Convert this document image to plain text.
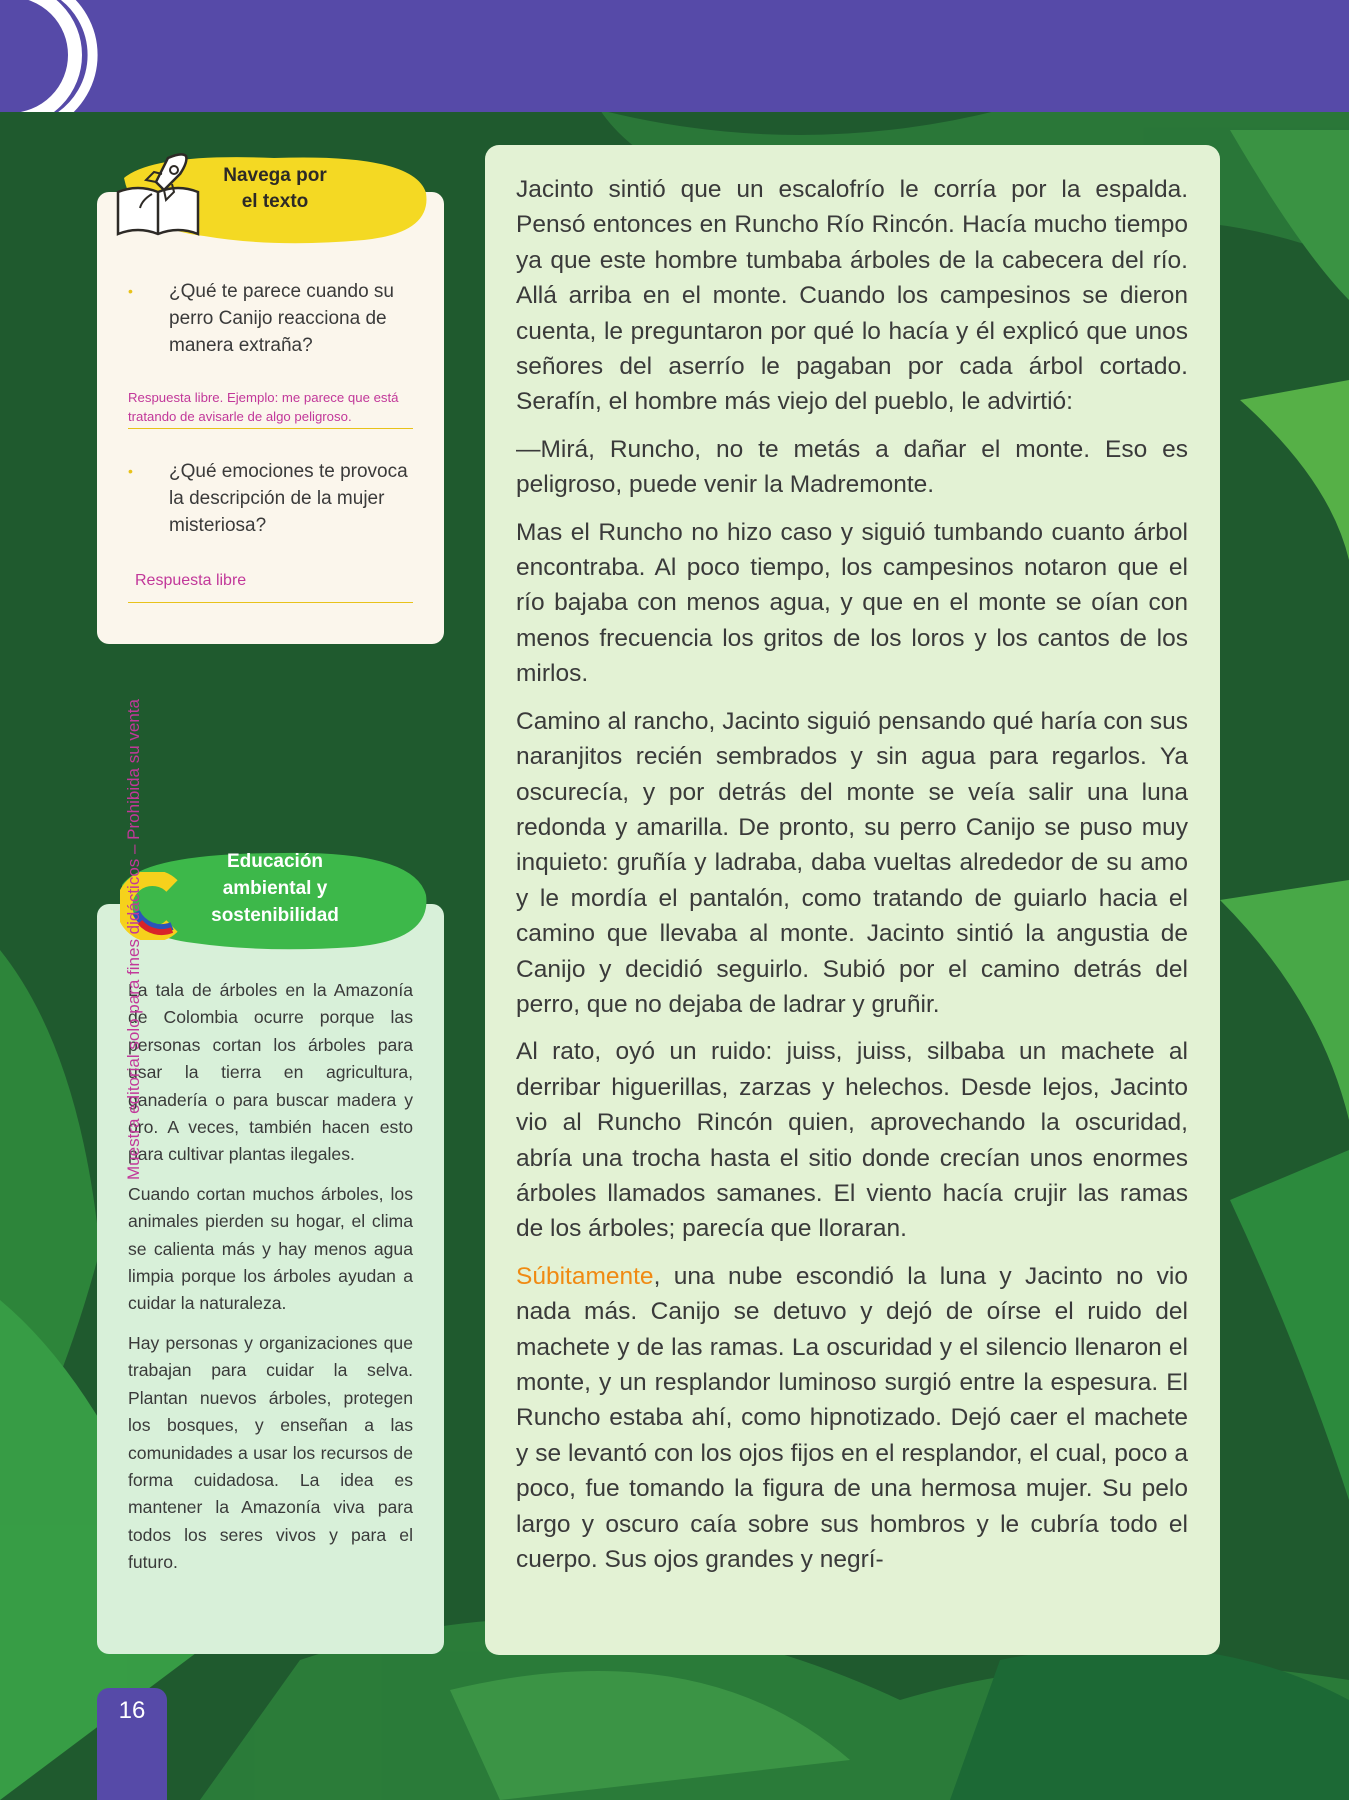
Navega por
el texto
•	¿Qué te parece cuando su perro Canijo reacciona de manera extraña?
Respuesta libre. Ejemplo: me parece que está tratando de avisarle de algo peligroso.
•	¿Qué emociones te provoca la descripción de la mujer misteriosa?
Respuesta libre
Educación
ambiental y
sostenibilidad

La tala de árboles en la Amazonía de Colombia ocurre porque las personas cortan los árboles para usar la tierra en agricultura, ganadería o para buscar madera y oro. A veces, también hacen esto para cultivar plantas ilegales.

Cuando cortan muchos árboles, los animales pierden su hogar, el clima se calienta más y hay menos agua limpia porque los árboles ayudan a cuidar la naturaleza.

Hay personas y organizaciones que trabajan para cuidar la selva. Plantan nuevos árboles, protegen los bosques, y enseñan a las comunidades a usar los recursos de forma cuidadosa. La idea es mantener la Amazonía viva para todos los seres vivos y para el futuro.

Muestra editorial solo para fines didácticos – Prohibida su venta

Jacinto sintió que un escalofrío le corría por la espalda. Pensó entonces en Runcho Río Rincón. Hacía mucho tiempo ya que este hombre tumbaba árboles de la cabecera del río. Allá arriba en el monte. Cuando los campesinos se dieron cuenta, le preguntaron por qué lo hacía y él explicó que unos señores del aserrío le pagaban por cada árbol cortado. Serafín, el hombre más viejo del pueblo, le advirtió:

—Mirá, Runcho, no te metás a dañar el monte. Eso es peligroso, puede venir la Madremonte.

Mas el Runcho no hizo caso y siguió tumbando cuanto árbol encontraba. Al poco tiempo, los campesinos notaron que el río bajaba con menos agua, y que en el monte se oían con menos frecuencia los gritos de los loros y los cantos de los mirlos.

Camino al rancho, Jacinto siguió pensando qué haría con sus naranjitos recién sembrados y sin agua para regarlos. Ya oscurecía, y por detrás del monte se veía salir una luna redonda y amarilla. De pronto, su perro Canijo se puso muy inquieto: gruñía y ladraba, daba vueltas alrededor de su amo y le mordía el pantalón, como tratando de guiarlo hacia el camino que llevaba al monte. Jacinto sintió la angustia de Canijo y decidió seguirlo. Subió por el camino detrás del perro, que no dejaba de ladrar y gruñir.

Al rato, oyó un ruido: juiss, juiss, silbaba un machete al derribar higuerillas, zarzas y helechos. Desde lejos, Jacinto vio al Runcho Rincón quien, aprovechando la oscuridad, abría una trocha hasta el sitio donde crecían unos enormes árboles llamados samanes. El viento hacía crujir las ramas de los árboles; parecía que lloraran.

Súbitamente, una nube escondió la luna y Jacinto no vio nada más. Canijo se detuvo y dejó de oírse el ruido del machete y de las ramas. La oscuridad y el silencio llenaron el monte, y un resplandor luminoso surgió entre la espesura. El Runcho estaba ahí, como hipnotizado. Dejó caer el machete y se levantó con los ojos fijos en el resplandor, el cual, poco a poco, fue tomando la figura de una hermosa mujer. Su pelo largo y oscuro caía sobre sus hombros y le cubría todo el cuerpo. Sus ojos grandes y negrí-

16
